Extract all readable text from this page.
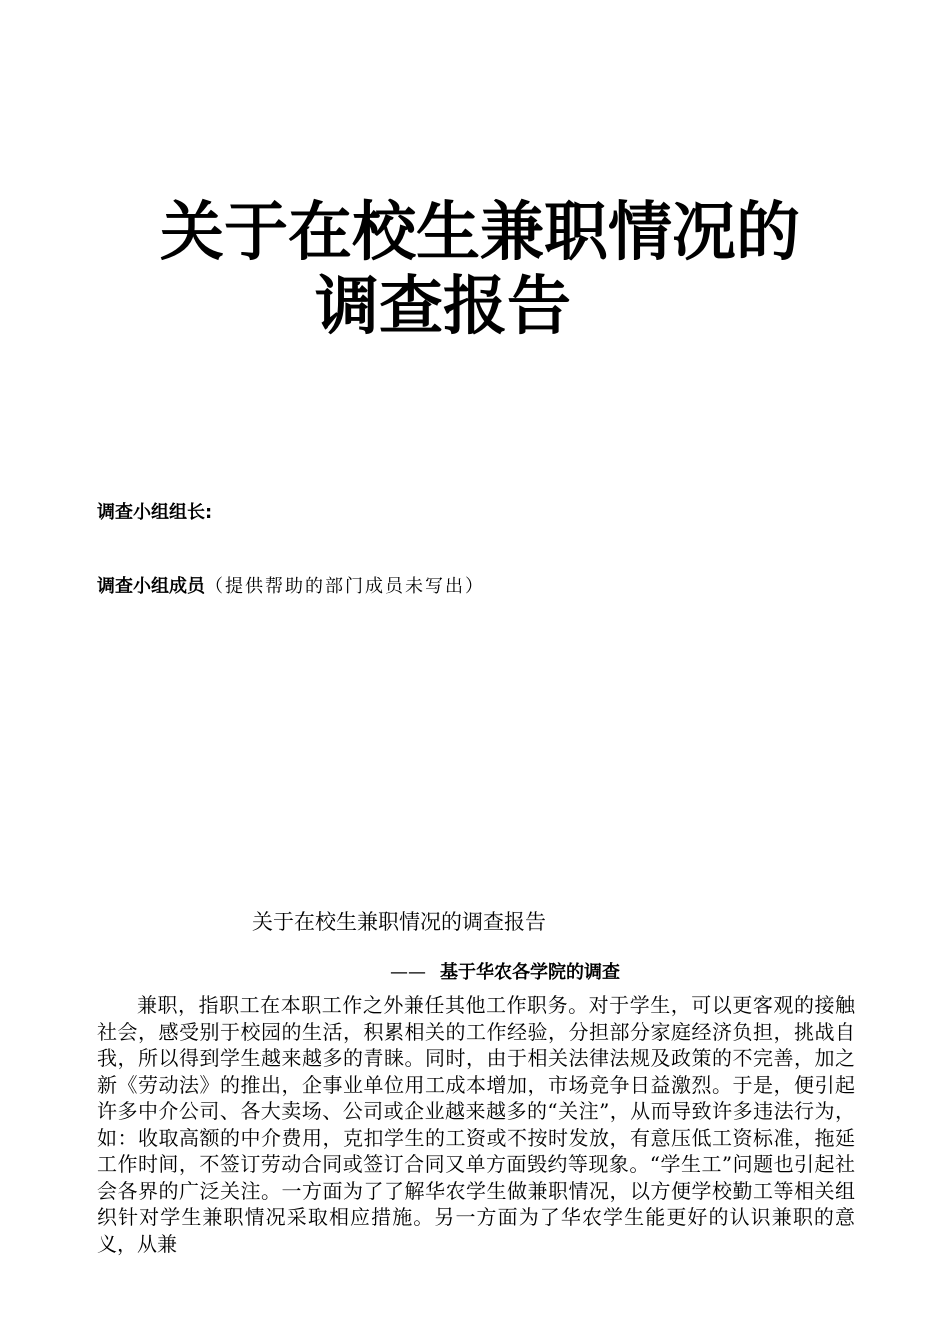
关于在校生兼职情况的
调查报告
调查小组组长:
调查小组成员（提供帮助的部门成员未写出）
关于在校生兼职情况的调查报告
—— 基于华农各学院的调查

兼职，指职工在本职工作之外兼任其他工作职务。对于学生，可以更客观的接触社会，感受别于校园的生活，积累相关的工作经验，分担部分家庭经济负担，挑战自我，所以得到学生越来越多的青睐。同时，由于相关法律法规及政策的不完善，加之新《劳动法》的推出，企事业单位用工成本增加，市场竞争日益激烈。于是，便引起许多中介公司、各大卖场、公司或企业越来越多的“关注”，从而导致许多违法行为，如：收取高额的中介费用，克扣学生的工资或不按时发放，有意压低工资标准，拖延工作时间，不签订劳动合同或签订合同又单方面毁约等现象。“学生工”问题也引起社会各界的广泛关注。一方面为了了解华农学生做兼职情况，以方便学校勤工等相关组织针对学生兼职情况采取相应措施。另一方面为了华农学生能更好的认识兼职的意义，从兼
